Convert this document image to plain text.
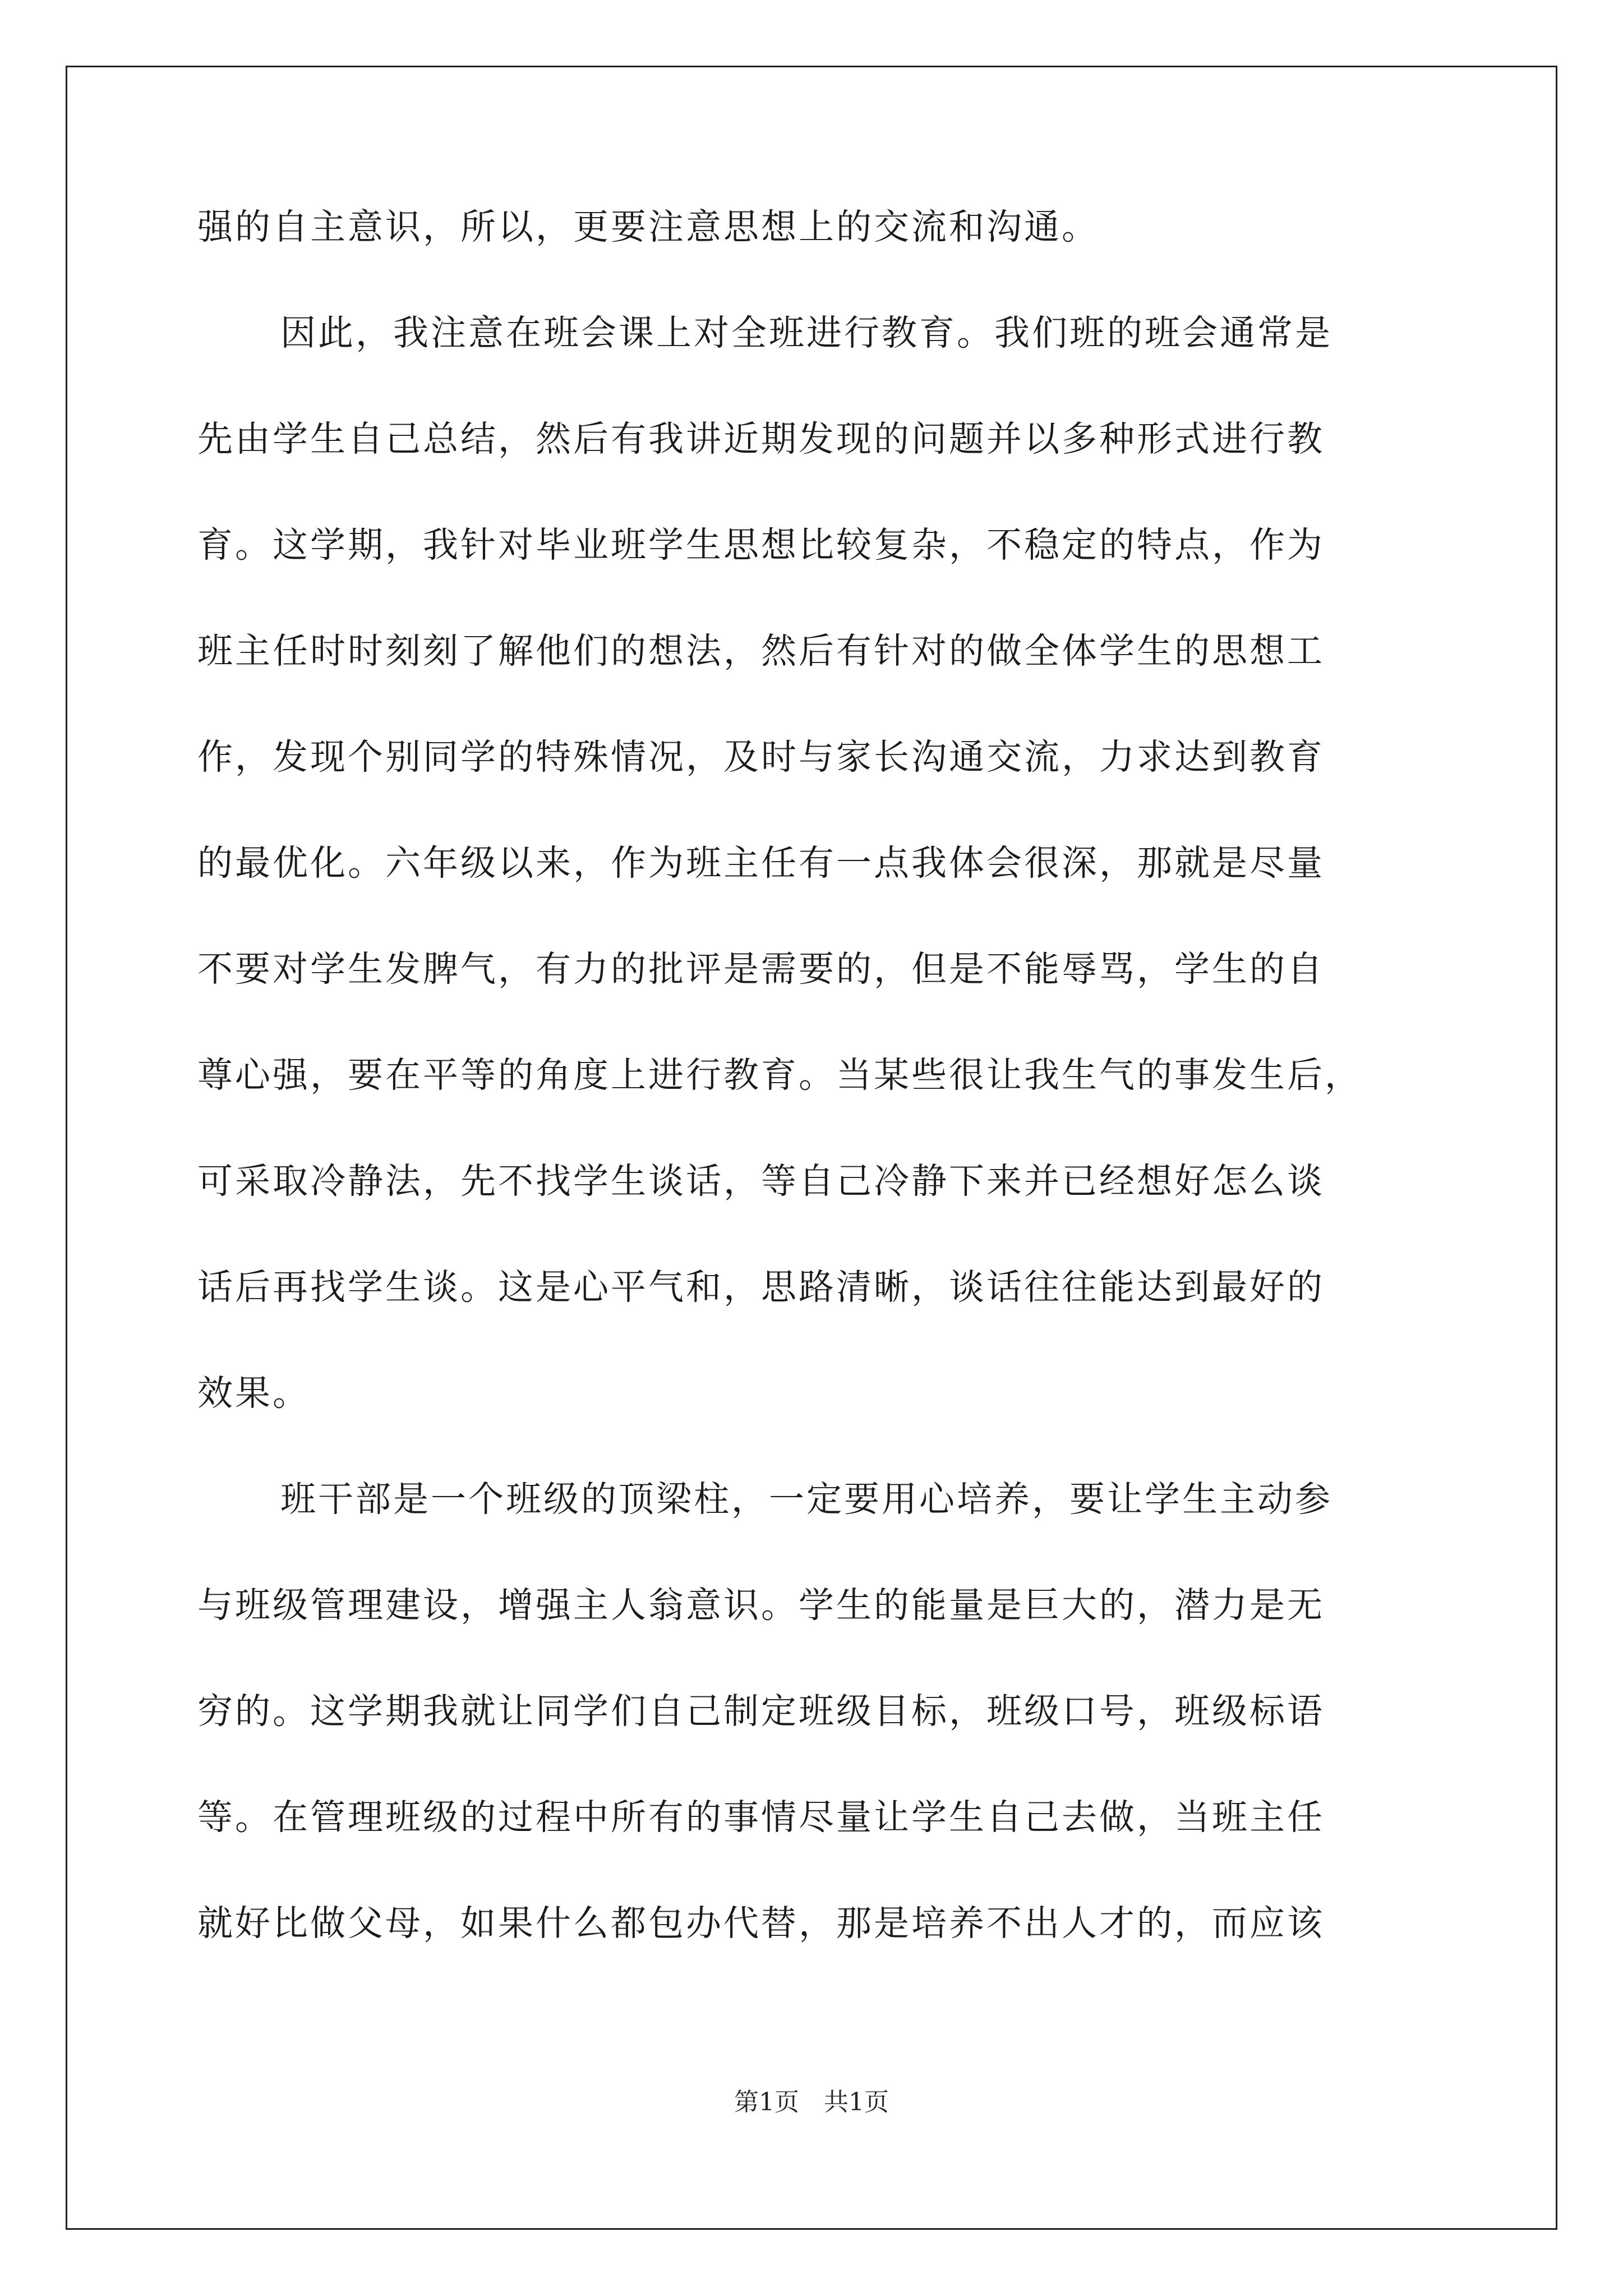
强的自主意识，所以，更要注意思想上的交流和沟通。
因此，我注意在班会课上对全班进行教育。我们班的班会通常是
先由学生自己总结，然后有我讲近期发现的问题并以多种形式进行教
育。这学期，我针对毕业班学生思想比较复杂，不稳定的特点，作为
班主任时时刻刻了解他们的想法，然后有针对的做全体学生的思想工
作，发现个别同学的特殊情况，及时与家长沟通交流，力求达到教育
的最优化。六年级以来，作为班主任有一点我体会很深，那就是尽量
不要对学生发脾气，有力的批评是需要的，但是不能辱骂，学生的自
尊心强，要在平等的角度上进行教育。当某些很让我生气的事发生后，
可采取冷静法，先不找学生谈话，等自己冷静下来并已经想好怎么谈
话后再找学生谈。这是心平气和，思路清晰，谈话往往能达到最好的
效果。
班干部是一个班级的顶梁柱，一定要用心培养，要让学生主动参
与班级管理建设，增强主人翁意识。学生的能量是巨大的，潜力是无
穷的。这学期我就让同学们自己制定班级目标，班级口号，班级标语
等。在管理班级的过程中所有的事情尽量让学生自己去做，当班主任
就好比做父母，如果什么都包办代替，那是培养不出人才的，而应该
第1页　共1页
